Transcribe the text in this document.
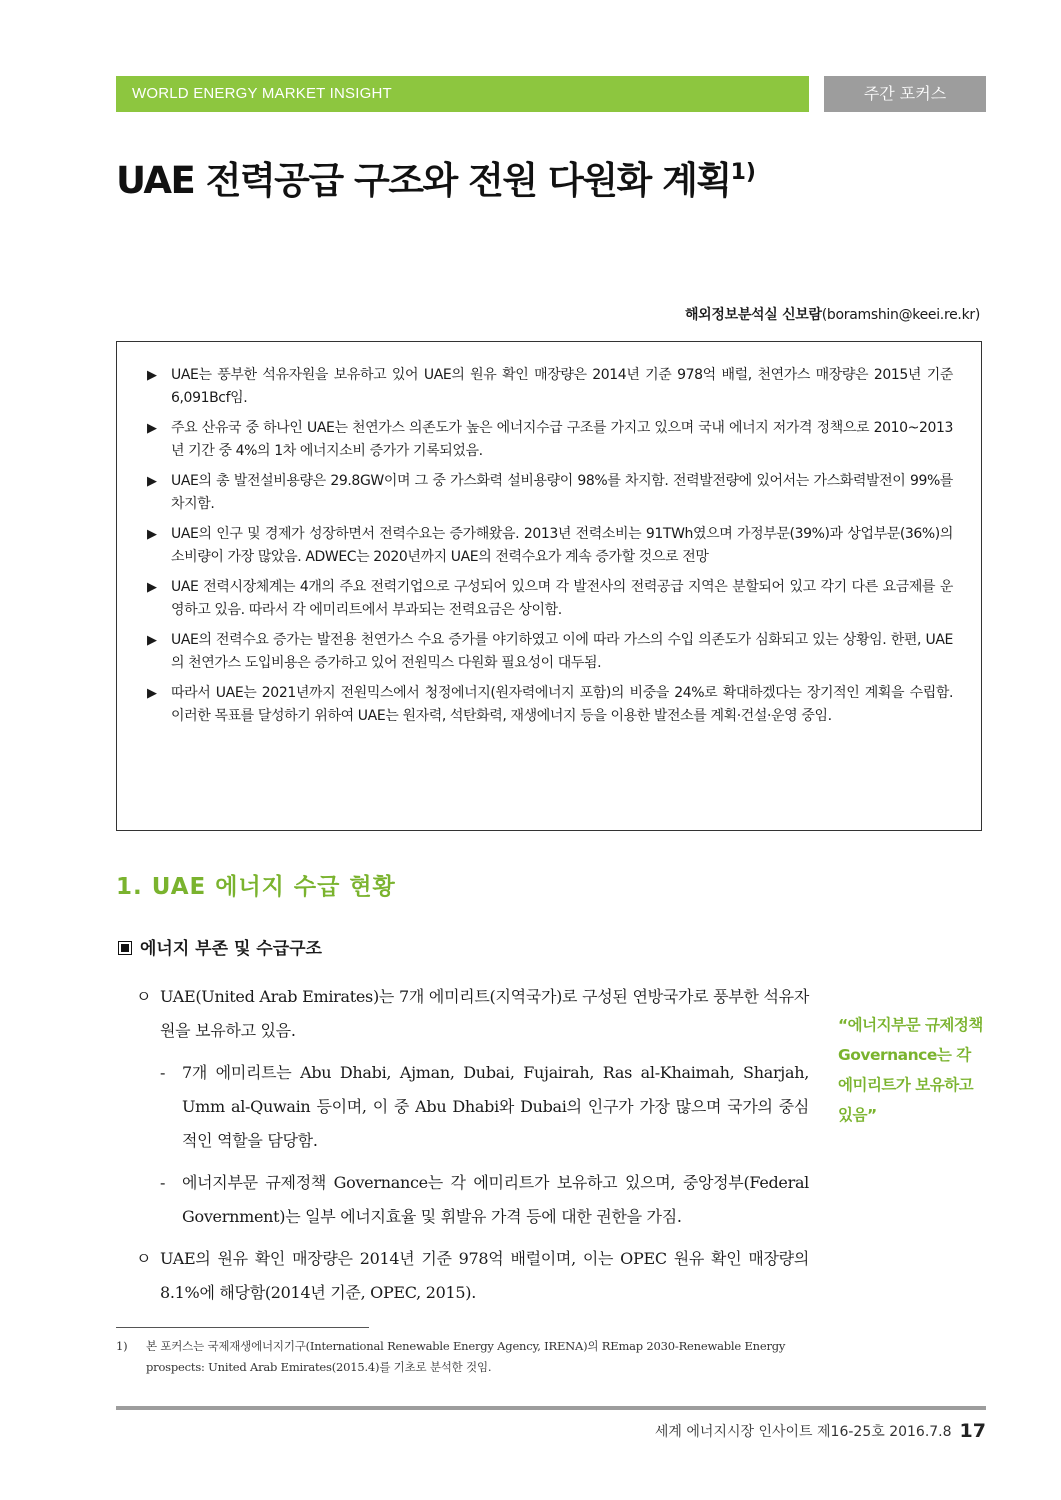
WORLD ENERGY MARKET INSIGHT	주간 포커스
UAE 전력공급 구조와 전원 다원화 계획$^{1)}$
해외정보분석실 신보람(boramshin@keei.re.kr)
▶ UAE는 풍부한 석유자원을 보유하고 있어 UAE의 원유 확인 매장량은 2014년 기준 978억 배럴, 천연가스 매장량은 2015년 기준 6,091Bcf임.
▶ 주요 산유국 중 하나인 UAE는 천연가스 의존도가 높은 에너지수급 구조를 가지고 있으며 국내 에너지 저가격 정책으로 2010~2013년 기간 중 4%의 1차 에너지소비 증가가 기록되었음.
▶ UAE의 총 발전설비용량은 29.8GW이며 그 중 가스화력 설비용량이 98%를 차지함. 전력발전량에 있어서는 가스화력발전이 99%를 차지함.
▶ UAE의 인구 및 경제가 성장하면서 전력수요는 증가해왔음. 2013년 전력소비는 91TWh였으며 가정부문(39%)과 상업부문(36%)의 소비량이 가장 많았음. ADWEC는 2020년까지 UAE의 전력수요가 계속 증가할 것으로 전망
▶ UAE 전력시장체계는 4개의 주요 전력기업으로 구성되어 있으며 각 발전사의 전력공급 지역은 분할되어 있고 각기 다른 요금제를 운영하고 있음. 따라서 각 에미리트에서 부과되는 전력요금은 상이함.
▶ UAE의 전력수요 증가는 발전용 천연가스 수요 증가를 야기하였고 이에 따라 가스의 수입 의존도가 심화되고 있는 상황임. 한편, UAE의 천연가스 도입비용은 증가하고 있어 전원믹스 다원화 필요성이 대두됨.
▶ 따라서 UAE는 2021년까지 전원믹스에서 청정에너지(원자력에너지 포함)의 비중을 24%로 확대하겠다는 장기적인 계획을 수립함. 이러한 목표를 달성하기 위하여 UAE는 원자력, 석탄화력, 재생에너지 등을 이용한 발전소를 계획·건설·운영 중임.
1. UAE 에너지 수급 현황
에너지 부존 및 수급구조
ㅇ UAE(United Arab Emirates)는 7개 에미리트(지역국가)로 구성된 연방국가로 풍부한 석유자원을 보유하고 있음.
- 7개 에미리트는 Abu Dhabi, Ajman, Dubai, Fujairah, Ras al-Khaimah, Sharjah, Umm al-Quwain 등이며, 이 중 Abu Dhabi와 Dubai의 인구가 가장 많으며 국가의 중심적인 역할을 담당함.
- 에너지부문 규제정책 Governance는 각 에미리트가 보유하고 있으며, 중앙정부(Federal Government)는 일부 에너지효율 및 휘발유 가격 등에 대한 권한을 가짐.
ㅇ UAE의 원유 확인 매장량은 2014년 기준 978억 배럴이며, 이는 OPEC 원유 확인 매장량의 8.1%에 해당함(2014년 기준, OPEC, 2015).
“에너지부문 규제정책 Governance는 각 에미리트가 보유하고 있음”
1) 본 포커스는 국제재생에너지기구(International Renewable Energy Agency, IRENA)의 REmap 2030-Renewable Energy prospects: United Arab Emirates(2015.4)를 기초로 분석한 것임.
세계 에너지시장 인사이트 제16-25호 2016.7.8 17
